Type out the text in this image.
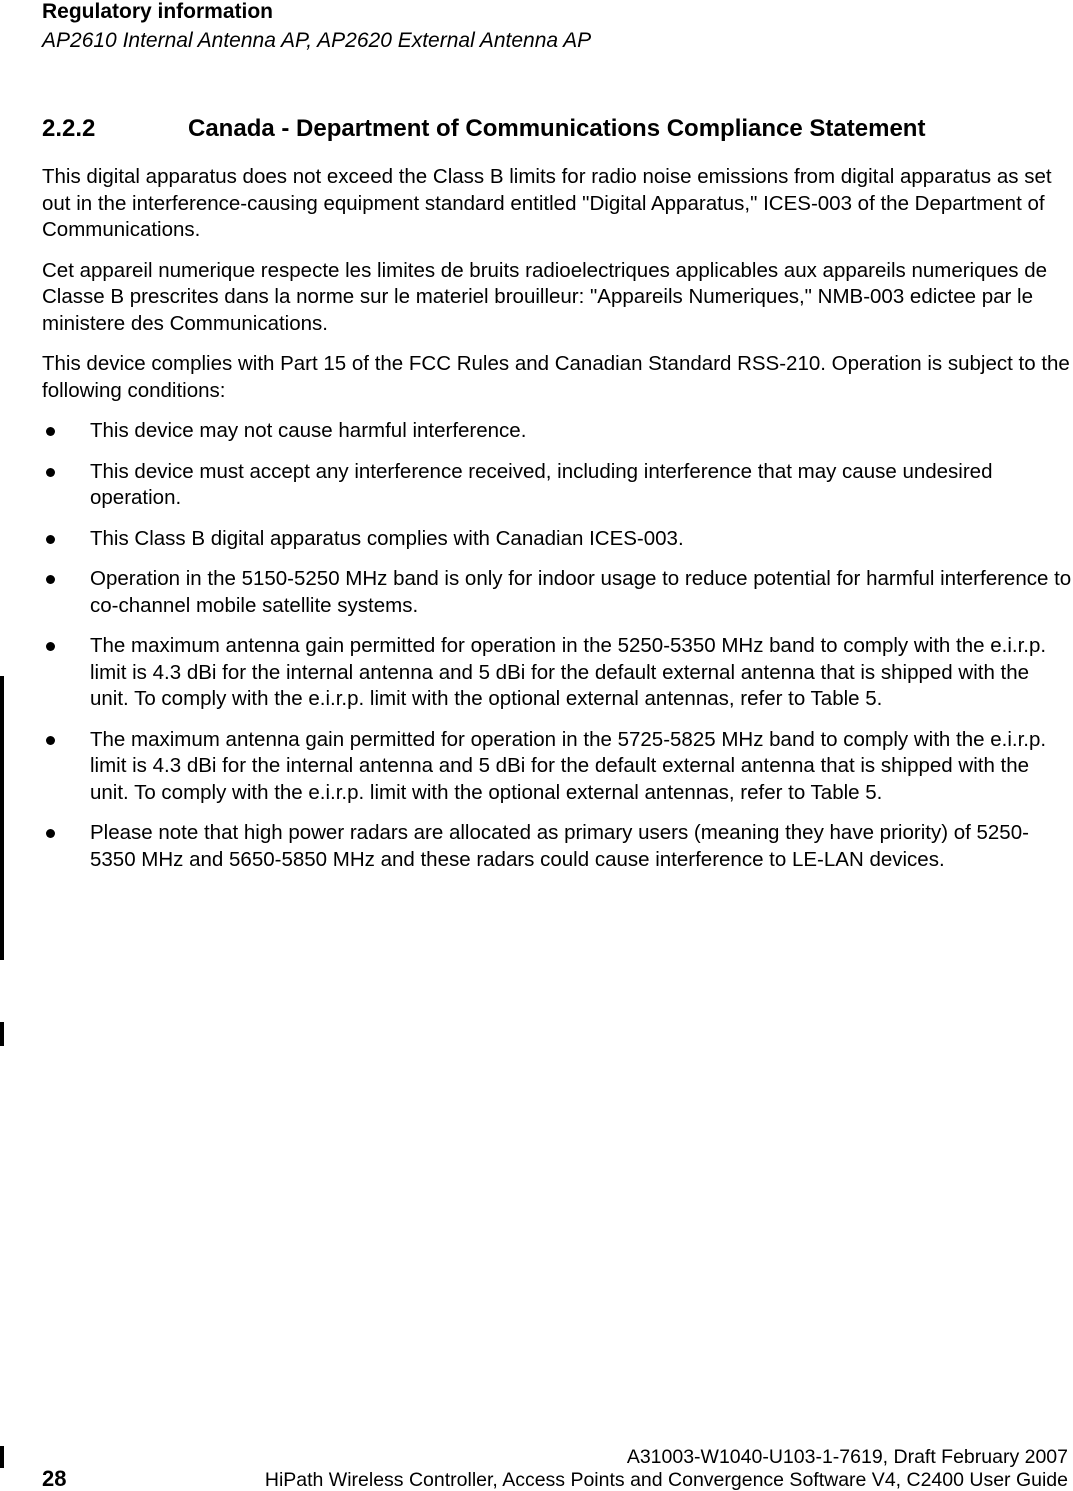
Regulatory information
AP2610 Internal Antenna AP, AP2620 External Antenna AP
2.2.2	Canada - Department of Communications Compliance Statement

This digital apparatus does not exceed the Class B limits for radio noise emissions from digital apparatus as set out in the interference-causing equipment standard entitled "Digital Apparatus," ICES-003 of the Department of Communications.

Cet appareil numerique respecte les limites de bruits radioelectriques applicables aux appareils numeriques de Classe B prescrites dans la norme sur le materiel brouilleur: "Appareils Numeriques," NMB-003 edictee par le ministere des Communications.

This device complies with Part 15 of the FCC Rules and Canadian Standard RSS-210. Operation is subject to the following conditions:

This device may not cause harmful interference.
This device must accept any interference received, including interference that may cause undesired operation.
This Class B digital apparatus complies with Canadian ICES-003.
Operation in the 5150-5250 MHz band is only for indoor usage to reduce potential for harmful interference to co-channel mobile satellite systems.
The maximum antenna gain permitted for operation in the 5250-5350 MHz band to comply with the e.i.r.p. limit is 4.3 dBi for the internal antenna and 5 dBi for the default external antenna that is shipped with the unit. To comply with the e.i.r.p. limit with the optional external antennas, refer to Table 5.
The maximum antenna gain permitted for operation in the 5725-5825 MHz band to comply with the e.i.r.p. limit is 4.3 dBi for the internal antenna and 5 dBi for the default external antenna that is shipped with the unit. To comply with the e.i.r.p. limit with the optional external antennas, refer to Table 5.
Please note that high power radars are allocated as primary users (meaning they have priority) of 5250-5350 MHz and 5650-5850 MHz and these radars could cause interference to LE-LAN devices.
A31003-W1040-U103-1-7619, Draft February 2007
28	HiPath Wireless Controller, Access Points and Convergence Software V4, C2400 User Guide
